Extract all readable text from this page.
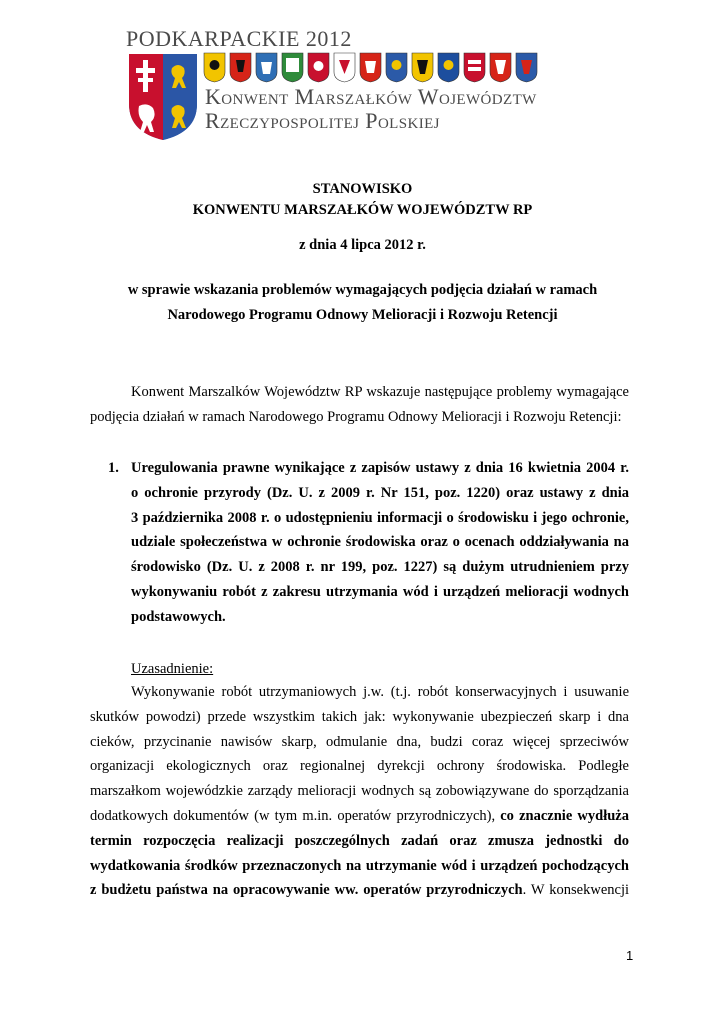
PODKARPACKIE 2012
Konwent Marszałków Województw
Rzeczypospolitej Polskiej
STANOWISKO
KONWENTU MARSZAŁKÓW WOJEWÓDZTW RP
z dnia 4 lipca 2012 r.
w sprawie wskazania problemów wymagających podjęcia działań w ramach
Narodowego Programu Odnowy Melioracji i Rozwoju Retencji
Konwent Marszalków Województw RP wskazuje następujące problemy wymagające
podjęcia działań w ramach Narodowego Programu Odnowy Melioracji i Rozwoju Retencji:
1. Uregulowania prawne wynikające z zapisów ustawy z dnia 16 kwietnia 2004 r.
o ochronie przyrody (Dz. U. z 2009 r. Nr 151, poz. 1220) oraz ustawy z dnia
3 października 2008 r. o udostępnieniu informacji o środowisku i jego ochronie,
udziale społeczeństwa w ochronie środowiska oraz o ocenach oddziaływania na
środowisko (Dz. U. z 2008 r. nr 199, poz. 1227) są dużym utrudnieniem przy
wykonywaniu robót z zakresu utrzymania wód i urządzeń melioracji wodnych
podstawowych.
Uzasadnienie:
Wykonywanie robót utrzymaniowych j.w. (t.j. robót konserwacyjnych i usuwanie
skutków powodzi) przede wszystkim takich jak: wykonywanie ubezpieczeń skarp i dna
cieków, przycinanie nawisów skarp, odmulanie dna, budzi coraz więcej sprzeciwów
organizacji ekologicznych oraz regionalnej dyrekcji ochrony środowiska. Podległe
marszałkom wojewódzkie zarządy melioracji wodnych są zobowiązywane do sporządzania
dodatkowych dokumentów (w tym m.in. operatów przyrodniczych), co znacznie wydłuża
termin rozpoczęcia realizacji poszczególnych zadań oraz zmusza jednostki do
wydatkowania środków przeznaczonych na utrzymanie wód i urządzeń pochodzących
z budżetu państwa na opracowywanie ww. operatów przyrodniczych. W konsekwencji
1
